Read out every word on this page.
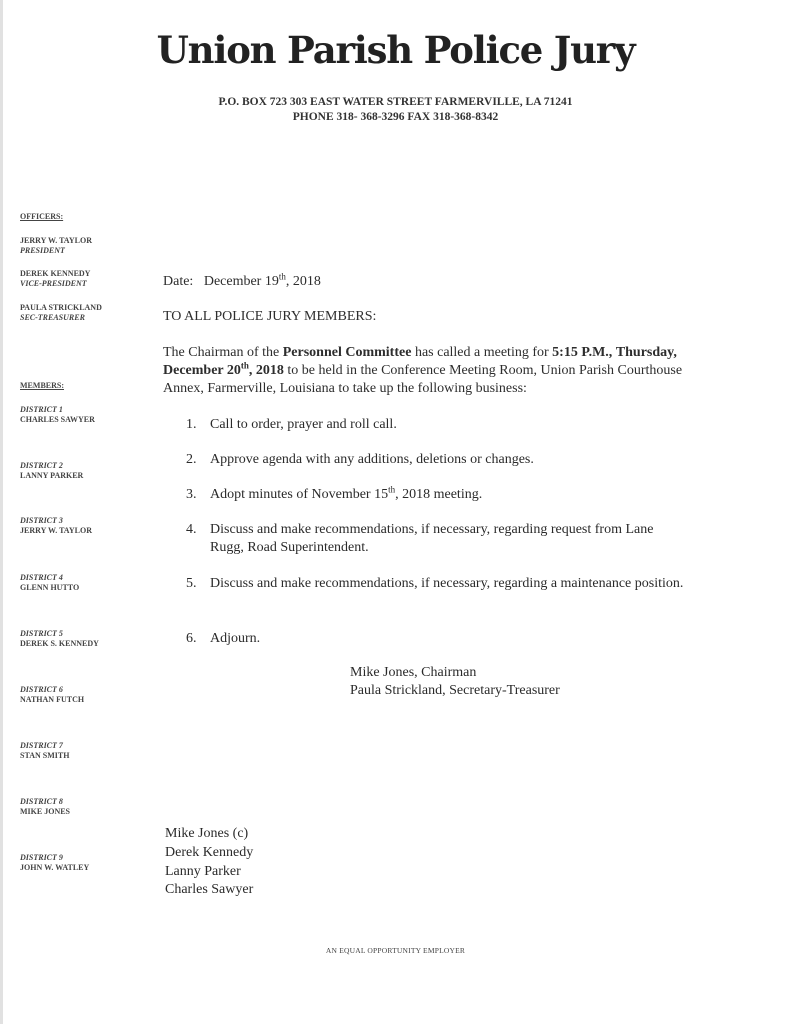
Union Parish Police Jury
P.O. BOX 723 303 EAST WATER STREET FARMERVILLE, LA 71241
PHONE 318- 368-3296 FAX 318-368-8342
OFFICERS:
JERRY W. TAYLOR
PRESIDENT
DEREK KENNEDY
VICE-PRESIDENT
PAULA STRICKLAND
SEC-TREASURER
MEMBERS:
DISTRICT 1
CHARLES SAWYER
DISTRICT 2
LANNY PARKER
DISTRICT 3
JERRY W. TAYLOR
DISTRICT 4
GLENN HUTTO
DISTRICT 5
DEREK S. KENNEDY
DISTRICT 6
NATHAN FUTCH
DISTRICT 7
STAN SMITH
DISTRICT 8
MIKE JONES
DISTRICT 9
JOHN W. WATLEY
Date: December 19th, 2018
TO ALL POLICE JURY MEMBERS:
The Chairman of the Personnel Committee has called a meeting for 5:15 P.M., Thursday, December 20th, 2018 to be held in the Conference Meeting Room, Union Parish Courthouse Annex, Farmerville, Louisiana to take up the following business:
1. Call to order, prayer and roll call.
2. Approve agenda with any additions, deletions or changes.
3. Adopt minutes of November 15th, 2018 meeting.
4. Discuss and make recommendations, if necessary, regarding request from Lane Rugg, Road Superintendent.
5. Discuss and make recommendations, if necessary, regarding a maintenance position.
6. Adjourn.
Mike Jones, Chairman
Paula Strickland, Secretary-Treasurer
Mike Jones (c)
Derek Kennedy
Lanny Parker
Charles Sawyer
AN EQUAL OPPORTUNITY EMPLOYER
